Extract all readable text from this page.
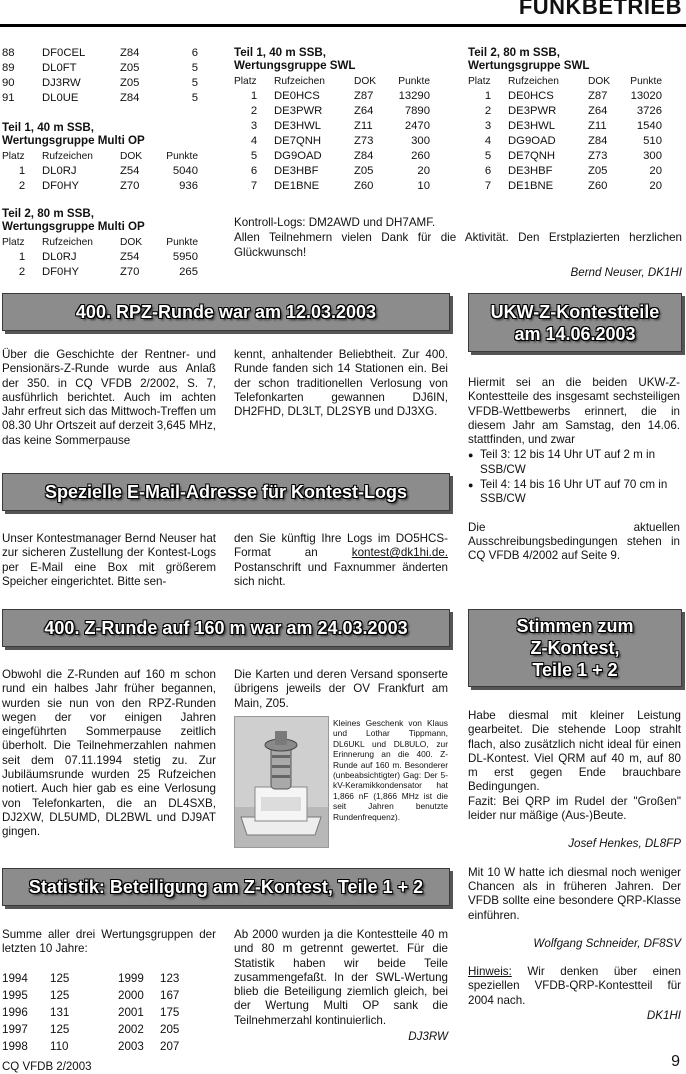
FUNKBETRIEB
88	DF0CEL	Z84	6
89	DL0FT	Z05	5
90	DJ3RW	Z05	5
91	DL0UE	Z84	5
Teil 1, 40 m SSB,
Wertungsgruppe Multi OP
Platz	Rufzeichen	DOK	Punkte
1	DL0RJ	Z54	5040
2	DF0HY	Z70	936
Teil 2, 80 m SSB,
Wertungsgruppe Multi OP
Platz	Rufzeichen	DOK	Punkte
1	DL0RJ	Z54	5950
2	DF0HY	Z70	265
Teil 1, 40 m SSB,
Wertungsgruppe SWL
Platz	Rufzeichen	DOK	Punkte
1	DE0HCS	Z87	13290
2	DE3PWR	Z64	7890
3	DE3HWL	Z11	2470
4	DE7QNH	Z73	300
5	DG9OAD	Z84	260
6	DE3HBF	Z05	20
7	DE1BNE	Z60	10
Teil 2, 80 m SSB,
Wertungsgruppe SWL
Platz	Rufzeichen	DOK	Punkte
1	DE0HCS	Z87	13020
2	DE3PWR	Z64	3726
3	DE3HWL	Z11	1540
4	DG9OAD	Z84	510
5	DE7QNH	Z73	300
6	DE3HBF	Z05	20
7	DE1BNE	Z60	20
Kontroll-Logs: DM2AWD und DH7AMF.

Allen Teilnehmern vielen Dank für die Aktivität. Den Erstplazierten herzlichen Glückwunsch!

Bernd Neuser, DK1HI
400. RPZ-Runde war am 12.03.2003

Über die Geschichte der Rentner- und Pensionärs-Z-Runde wurde aus Anlaß der 350. in CQ VFDB 2/2002, S. 7, ausführlich berichtet. Auch im achten Jahr erfreut sich das Mittwoch-Treffen um 08.30 Uhr Ortszeit auf derzeit 3,645 MHz, das keine Sommerpause

kennt, anhaltender Beliebtheit. Zur 400. Runde fanden sich 14 Stationen ein. Bei der schon traditionellen Verlosung von Telefonkarten gewannen DJ6IN, DH2FHD, DL3LT, DL2SYB und DJ3XG.

UKW-Z-Kontestteile
am 14.06.2003

Hiermit sei an die beiden UKW-Z-Kontestteile des insgesamt sechsteiligen VFDB-Wettbewerbs erinnert, die in diesem Jahr am Samstag, den 14.06. stattfinden, und zwar

● Teil 3: 12 bis 14 Uhr UT auf 2 m in SSB/CW
● Teil 4: 14 bis 16 Uhr UT auf 70 cm in SSB/CW

Die aktuellen Ausschreibungsbedingungen stehen in CQ VFDB 4/2002 auf Seite 9.

Spezielle E-Mail-Adresse für Kontest-Logs

Unser Kontestmanager Bernd Neuser hat zur sicheren Zustellung der Kontest-Logs per E-Mail eine Box mit größerem Speicher eingerichtet. Bitte sen-

den Sie künftig Ihre Logs im DO5HCS-Format an kontest@dk1hi.de. Postanschrift und Faxnummer änderten sich nicht.

400. Z-Runde auf 160 m war am 24.03.2003

Obwohl die Z-Runden auf 160 m schon rund ein halbes Jahr früher begannen, wurden sie nun von den RPZ-Runden wegen der vor einigen Jahren eingeführten Sommerpause zeitlich überholt. Die Teilnehmerzahlen nahmen seit dem 07.11.1994 stetig zu. Zur Jubiläumsrunde wurden 25 Rufzeichen notiert. Auch hier gab es eine Verlosung von Telefonkarten, die an DL4SXB, DJ2XW, DL5UMD, DL2BWL und DJ9AT gingen.

Die Karten und deren Versand sponserte übrigens jeweils der OV Frankfurt am Main, Z05.

Kleines Geschenk von Klaus und Lothar Tippmann, DL6UKL und DL8ULO, zur Erinnerung an die 400. Z-Runde auf 160 m. Besonderer (unbeabsichtigter) Gag: Der 5-kV-Keramikkondensator hat 1,866 nF (1,866 MHz ist die seit Jahren benutzte Rundenfrequenz).

Stimmen zum
Z-Kontest,
Teile 1 + 2

Habe diesmal mit kleiner Leistung gearbeitet. Die stehende Loop strahlt flach, also zusätzlich nicht ideal für einen DL-Kontest. Viel QRM auf 40 m, auf 80 m erst gegen Ende brauchbare Bedingungen.

Fazit: Bei QRP im Rudel der "Großen" leider nur mäßige (Aus-)Beute.

Josef Henkes, DL8FP

Mit 10 W hatte ich diesmal noch weniger Chancen als in früheren Jahren. Der VFDB sollte eine besondere QRP-Klasse einführen.

Wolfgang Schneider, DF8SV

Hinweis: Wir denken über einen speziellen VFDB-QRP-Kontestteil für 2004 nach.

DK1HI
Statistik: Beteiligung am Z-Kontest, Teile 1 + 2

Summe aller drei Wertungsgruppen der letzten 10 Jahre:

1994	125	1999	123
1995	125	2000	167
1996	131	2001	175
1997	125	2002	205
1998	110	2003	207

Ab 2000 wurden ja die Kontestteile 40 m und 80 m getrennt gewertet. Für die Statistik haben wir beide Teile zusammengefaßt. In der SWL-Wertung blieb die Beteiligung ziemlich gleich, bei der Wertung Multi OP sank die Teilnehmerzahl kontinuierlich.

DJ3RW
CQ VFDB 2/2003	9
